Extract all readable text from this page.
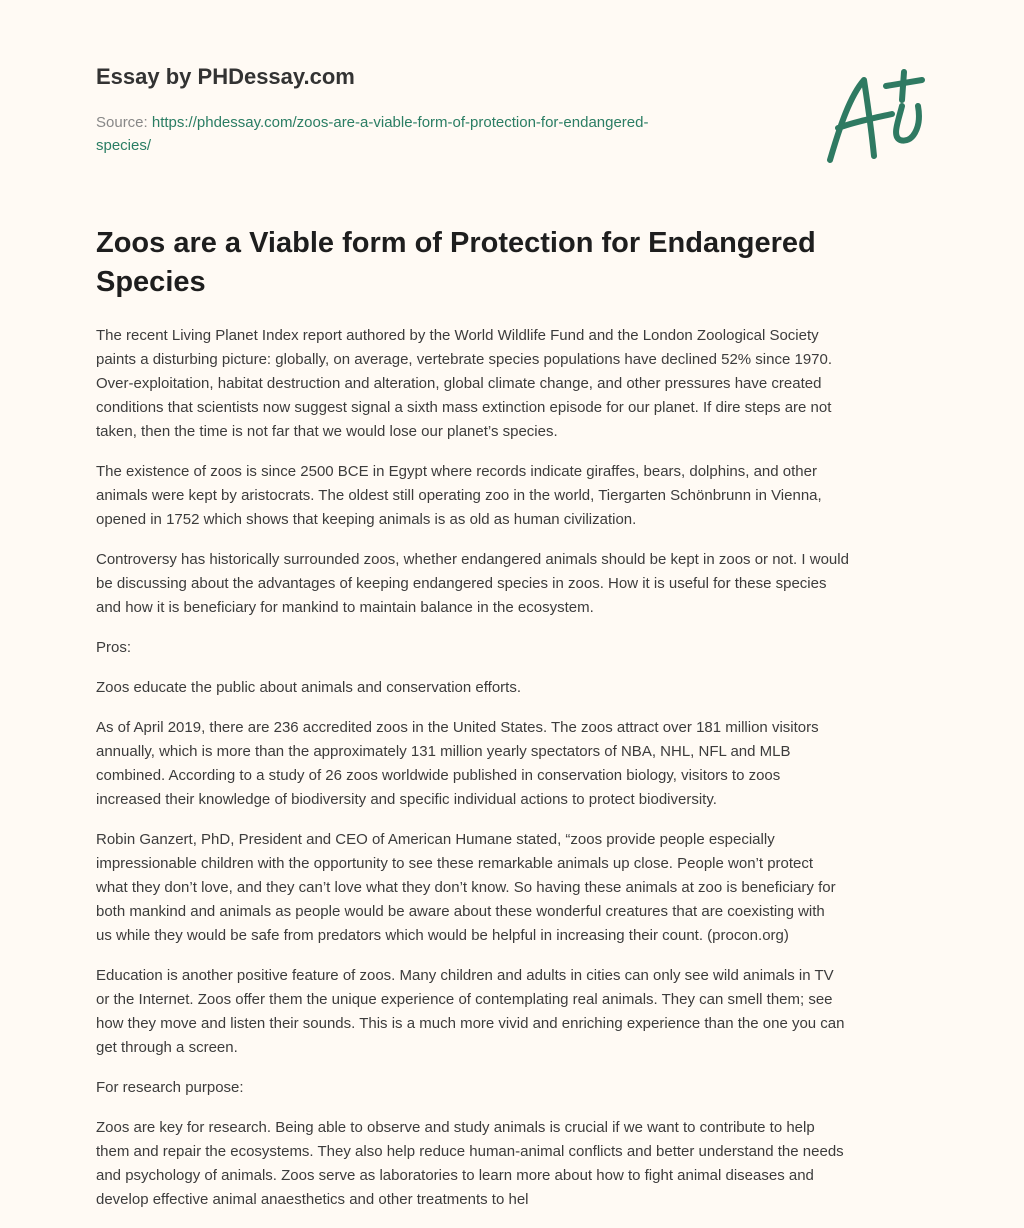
Essay by PHDessay.com
Source: https://phdessay.com/zoos-are-a-viable-form-of-protection-for-endangered-
species/
Zoos are a Viable form of Protection for Endangered Species

The recent Living Planet Index report authored by the World Wildlife Fund and the London Zoological Society
paints a disturbing picture: globally, on average, vertebrate species populations have declined 52% since 1970.
Over-exploitation, habitat destruction and alteration, global climate change, and other pressures have created
conditions that scientists now suggest signal a sixth mass extinction episode for our planet. If dire steps are not
taken, then the time is not far that we would lose our planet’s species.

The existence of zoos is since 2500 BCE in Egypt where records indicate giraffes, bears, dolphins, and other
animals were kept by aristocrats. The oldest still operating zoo in the world, Tiergarten Schönbrunn in Vienna,
opened in 1752 which shows that keeping animals is as old as human civilization.

Controversy has historically surrounded zoos, whether endangered animals should be kept in zoos or not. I would
be discussing about the advantages of keeping endangered species in zoos. How it is useful for these species
and how it is beneficiary for mankind to maintain balance in the ecosystem.

Pros:

Zoos educate the public about animals and conservation efforts.

As of April 2019, there are 236 accredited zoos in the United States. The zoos attract over 181 million visitors
annually, which is more than the approximately 131 million yearly spectators of NBA, NHL, NFL and MLB
combined. According to a study of 26 zoos worldwide published in conservation biology, visitors to zoos
increased their knowledge of biodiversity and specific individual actions to protect biodiversity.

Robin Ganzert, PhD, President and CEO of American Humane stated, “zoos provide people especially
impressionable children with the opportunity to see these remarkable animals up close. People won’t protect
what they don’t love, and they can’t love what they don’t know. So having these animals at zoo is beneficiary for
both mankind and animals as people would be aware about these wonderful creatures that are coexisting with
us while they would be safe from predators which would be helpful in increasing their count. (procon.org)

Education is another positive feature of zoos. Many children and adults in cities can only see wild animals in TV
or the Internet. Zoos offer them the unique experience of contemplating real animals. They can smell them; see
how they move and listen their sounds. This is a much more vivid and enriching experience than the one you can
get through a screen.

For research purpose:

Zoos are key for research. Being able to observe and study animals is crucial if we want to contribute to help
them and repair the ecosystems. They also help reduce human-animal conflicts and better understand the needs
and psychology of animals. Zoos serve as laboratories to learn more about how to fight animal diseases and
develop effective animal anaesthetics and other treatments to hel
